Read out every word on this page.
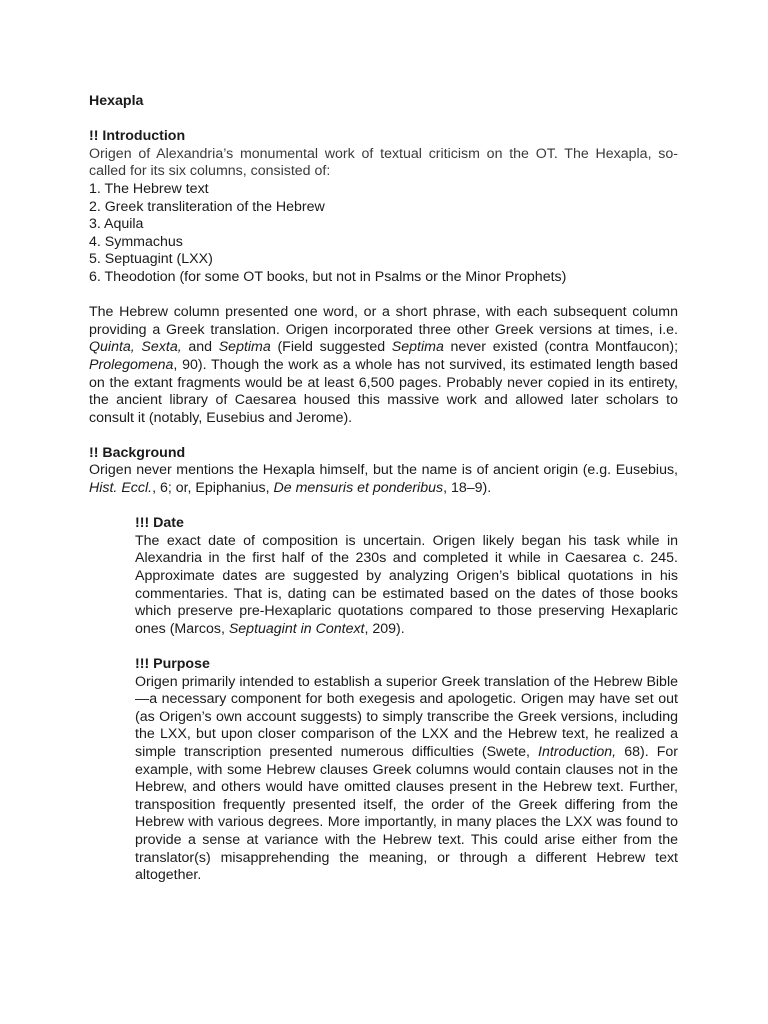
Hexapla
!! Introduction
Origen of Alexandria’s monumental work of textual criticism on the OT. The Hexapla, so-called for its six columns, consisted of:
1. The Hebrew text
2. Greek transliteration of the Hebrew
3. Aquila
4. Symmachus
5. Septuagint (LXX)
6. Theodotion (for some OT books, but not in Psalms or the Minor Prophets)
The Hebrew column presented one word, or a short phrase, with each subsequent column providing a Greek translation. Origen incorporated three other Greek versions at times, i.e. Quinta, Sexta, and Septima (Field suggested Septima never existed (contra Montfaucon); Prolegomena, 90). Though the work as a whole has not survived, its estimated length based on the extant fragments would be at least 6,500 pages. Probably never copied in its entirety, the ancient library of Caesarea housed this massive work and allowed later scholars to consult it (notably, Eusebius and Jerome).
!! Background
Origen never mentions the Hexapla himself, but the name is of ancient origin (e.g. Eusebius, Hist. Eccl., 6; or, Epiphanius, De mensuris et ponderibus, 18–9).
!!! Date
The exact date of composition is uncertain. Origen likely began his task while in Alexandria in the first half of the 230s and completed it while in Caesarea c. 245. Approximate dates are suggested by analyzing Origen’s biblical quotations in his commentaries. That is, dating can be estimated based on the dates of those books which preserve pre-Hexaplaric quotations compared to those preserving Hexaplaric ones (Marcos, Septuagint in Context, 209).
!!! Purpose
Origen primarily intended to establish a superior Greek translation of the Hebrew Bible—a necessary component for both exegesis and apologetic. Origen may have set out (as Origen’s own account suggests) to simply transcribe the Greek versions, including the LXX, but upon closer comparison of the LXX and the Hebrew text, he realized a simple transcription presented numerous difficulties (Swete, Introduction, 68). For example, with some Hebrew clauses Greek columns would contain clauses not in the Hebrew, and others would have omitted clauses present in the Hebrew text. Further, transposition frequently presented itself, the order of the Greek differing from the Hebrew with various degrees. More importantly, in many places the LXX was found to provide a sense at variance with the Hebrew text. This could arise either from the translator(s) misapprehending the meaning, or through a different Hebrew text altogether.
